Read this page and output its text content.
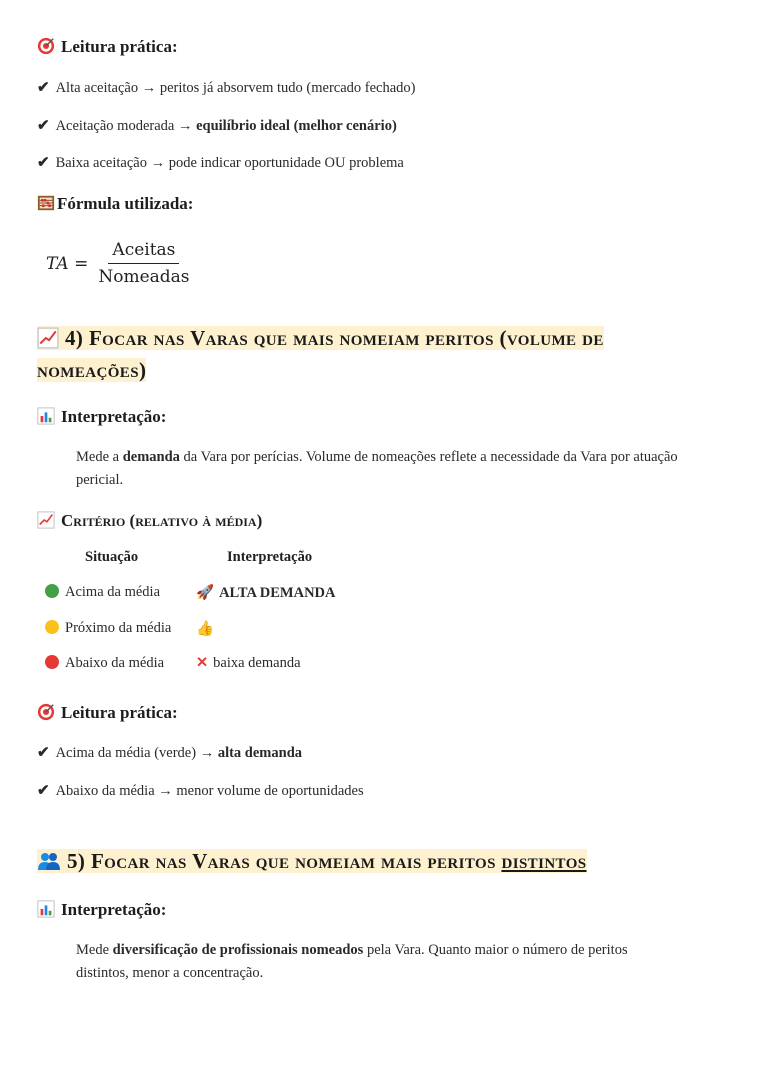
Leitura prática:
✔ Alta aceitação → peritos já absorvem tudo (mercado fechado)
✔ Aceitação moderada → equilíbrio ideal (melhor cenário)
✔ Baixa aceitação → pode indicar oportunidade OU problema
Fórmula utilizada:
TA = $\frac{\text{Aceitas}}{\text{Nomeadas}}$
4) Focar nas Varas que mais nomeiam peritos (volume de
nomeações)
Interpretação:
Mede a demanda da Vara por perícias. Volume de nomeações reflete a necessidade da Vara por atuação pericial.
Critério (relativo à média)
Situação	Interpretação
Acima da média 🚀 ALTA DEMANDA
Próximo da média 👍
Abaixo da média ✕ baixa demanda
Leitura prática:
✔ Acima da média (verde) → alta demanda
✔ Abaixo da média → menor volume de oportunidades
5) Focar nas Varas que nomeiam mais peritos distintos
Interpretação:
Mede diversificação de profissionais nomeados pela Vara. Quanto maior o número de peritos distintos, menor a concentração.
